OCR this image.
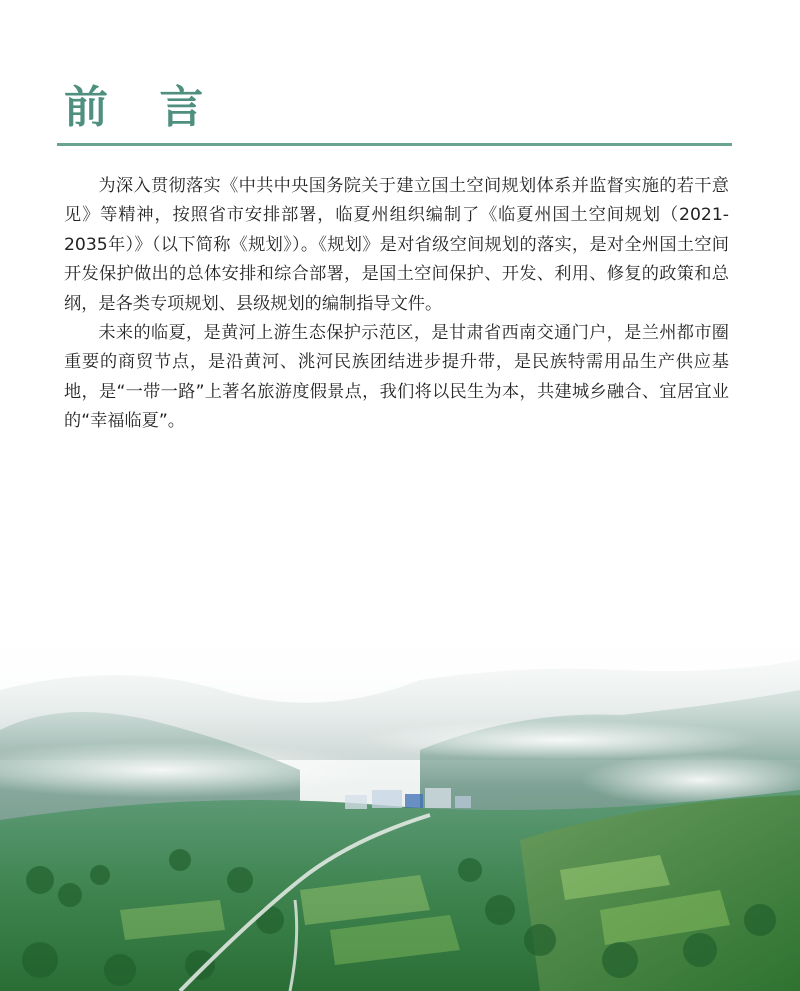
前 言

为深入贯彻落实《中共中央国务院关于建立国土空间规划体系并监督实施的若干意见》等精神，按照省市安排部署，临夏州组织编制了《临夏州国土空间规划（2021-2035年）》（以下简称《规划》）。《规划》是对省级空间规划的落实，是对全州国土空间开发保护做出的总体安排和综合部署，是国土空间保护、开发、利用、修复的政策和总纲，是各类专项规划、县级规划的编制指导文件。

未来的临夏，是黄河上游生态保护示范区，是甘肃省西南交通门户，是兰州都市圈重要的商贸节点，是沿黄河、洮河民族团结进步提升带，是民族特需用品生产供应基地，是“一带一路”上著名旅游度假景点，我们将以民生为本，共建城乡融合、宜居宜业的“幸福临夏”。
